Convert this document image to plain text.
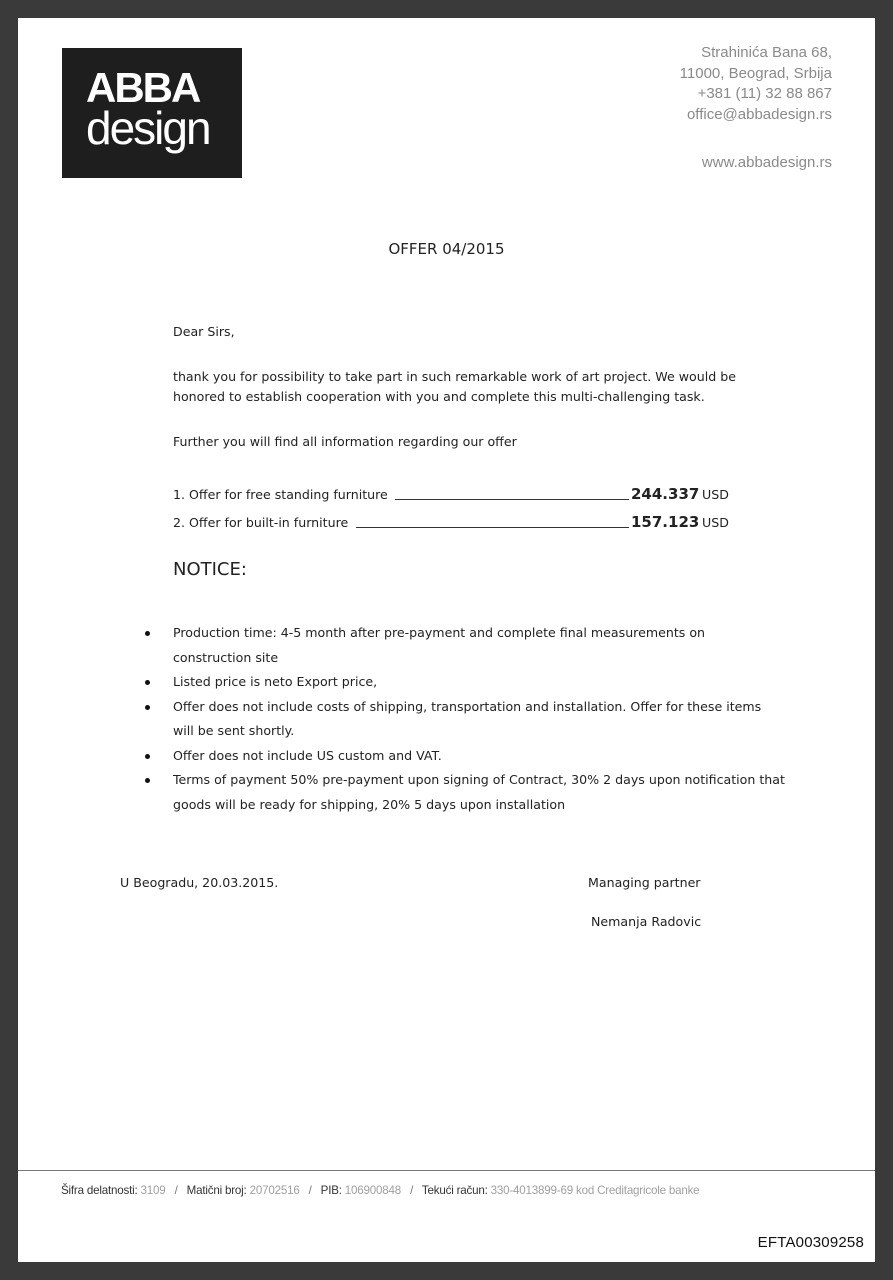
ABBA
design
Strahinića Bana 68,
11000, Beograd, Srbija
+381 (11) 32 88 867
office@abbadesign.rs
www.abbadesign.rs
OFFER 04/2015
Dear Sirs,
thank you for possibility to take part in such remarkable work of art project. We would be honored to establish cooperation with you and complete this multi-challenging task.
Further you will find all information regarding our offer
1. Offer for free standing furniture	244.337 USD
2. Offer for built-in furniture	157.123 USD
NOTICE:
Production time: 4-5 month after pre-payment and complete final measurements on construction site
Listed price is neto Export price,
Offer does not include costs of shipping, transportation and installation. Offer for these items will be sent shortly.
Offer does not include US custom and VAT.
Terms of payment 50% pre-payment upon signing of Contract, 30% 2 days upon notification that goods will be ready for shipping, 20% 5 days upon installation
U Beogradu, 20.03.2015.	Managing partner
Nemanja Radovic
Šifra delatnosti: 3109 / Matični broj: 20702516 / PIB: 106900848 / Tekući račun: 330-4013899-69 kod Creditagricole banke
EFTA00309258
